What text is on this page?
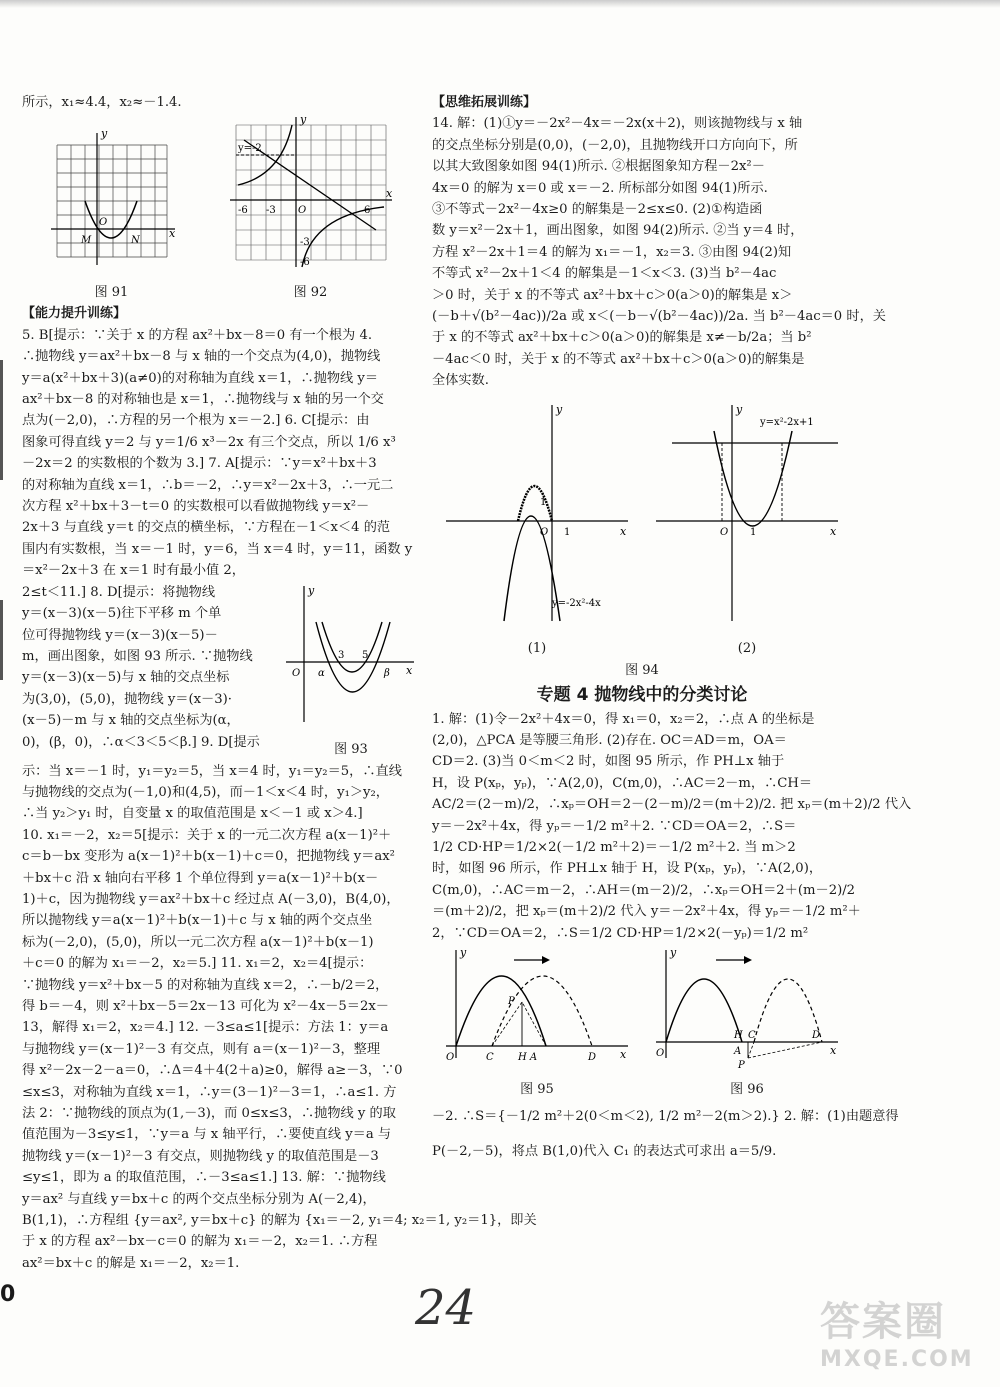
所示，x₁≈4.4，x₂≈－1.4.
y
x
O
M	N
图 91
y
x
y=-2
O
-6 -3	6
-3
-6
图 92
【能力提升训练】
5. B[提示：∵关于 x 的方程 ax²＋bx－8＝0 有一个根为 4.
∴抛物线 y＝ax²＋bx－8 与 x 轴的一个交点为(4,0)，抛物线
y＝a(x²＋bx＋3)(a≠0)的对称轴为直线 x＝1，∴抛物线 y＝
ax²＋bx－8 的对称轴也是 x＝1，∴抛物线与 x 轴的另一个交
点为(－2,0)，∴方程的另一个根为 x＝－2.] 6. C[提示：由
图象可得直线 y＝2 与 y＝1/6 x³－2x 有三个交点，所以 1/6 x³
－2x＝2 的实数根的个数为 3.] 7. A[提示：∵y＝x²＋bx＋3
的对称轴为直线 x＝1，∴b＝－2，∴y＝x²－2x＋3，∴一元二
次方程 x²＋bx＋3－t＝0 的实数根可以看做抛物线 y＝x²－
2x＋3 与直线 y＝t 的交点的横坐标，∵方程在－1＜x＜4 的范
围内有实数根，当 x＝－1 时，y＝6，当 x＝4 时，y＝11，函数 y
＝x²－2x＋3 在 x＝1 时有最小值 2，
2≤t＜11.] 8. D[提示：将抛物线
y＝(x－3)(x－5)往下平移 m 个单
位可得抛物线 y＝(x－3)(x－5)－
m，画出图象，如图 93 所示. ∵抛物线
y＝(x－3)(x－5)与 x 轴的交点坐标
为(3,0)，(5,0)，抛物线 y＝(x－3)·
(x－5)－m 与 x 轴的交点坐标为(α，
0)，(β，0)，∴α＜3＜5＜β.] 9. D[提示
y
x
O α
3 5
β
图 93
示：当 x＝－1 时，y₁＝y₂＝5，当 x＝4 时，y₁＝y₂＝5，∴直线
与抛物线的交点为(－1,0)和(4,5)，而－1＜x＜4 时，y₁＞y₂，
∴当 y₂＞y₁ 时，自变量 x 的取值范围是 x＜－1 或 x＞4.]
10. x₁＝－2，x₂＝5[提示：关于 x 的一元二次方程 a(x－1)²＋
c＝b－bx 变形为 a(x－1)²＋b(x－1)＋c＝0，把抛物线 y＝ax²
＋bx＋c 沿 x 轴向右平移 1 个单位得到 y＝a(x－1)²＋b(x－
1)＋c，因为抛物线 y＝ax²＋bx＋c 经过点 A(－3,0)，B(4,0)，
所以抛物线 y＝a(x－1)²＋b(x－1)＋c 与 x 轴的两个交点坐
标为(－2,0)，(5,0)，所以一元二次方程 a(x－1)²＋b(x－1)
＋c＝0 的解为 x₁＝－2，x₂＝5.] 11. x₁＝2，x₂＝4[提示：
∵抛物线 y＝x²＋bx－5 的对称轴为直线 x＝2，∴－b/2＝2，
得 b＝－4，则 x²＋bx－5＝2x－13 可化为 x²－4x－5＝2x－
13，解得 x₁＝2，x₂＝4.] 12. －3≤a≤1[提示：方法 1：y＝a
与抛物线 y＝(x－1)²－3 有交点，则有 a＝(x－1)²－3，整理
得 x²－2x－2－a＝0，∴Δ＝4＋4(2＋a)≥0，解得 a≥－3，∵0
≤x≤3，对称轴为直线 x＝1，∴y＝(3－1)²－3＝1，∴a≤1. 方
法 2：∵抛物线的顶点为(1,－3)，而 0≤x≤3，∴抛物线 y 的取
值范围为－3≤y≤1，∵y＝a 与 x 轴平行，∴要使直线 y＝a 与
抛物线 y＝(x－1)²－3 有交点，则抛物线 y 的取值范围是－3
≤y≤1，即为 a 的取值范围，∴－3≤a≤1.] 13. 解：∵抛物线
y＝ax² 与直线 y＝bx＋c 的两个交点坐标分别为 A(－2,4)，
B(1,1)，∴方程组 {y＝ax², y＝bx＋c} 的解为 {x₁＝－2, y₁＝4; x₂＝1, y₂＝1}，即关
于 x 的方程 ax²－bx－c＝0 的解为 x₁＝－2，x₂＝1. ∴方程
ax²＝bx＋c 的解是 x₁＝－2，x₂＝1.
【思维拓展训练】
14. 解：(1)①y＝－2x²－4x＝－2x(x＋2)，则该抛物线与 x 轴
的交点坐标分别是(0,0)，(－2,0)，且抛物线开口方向向下，所
以其大致图象如图 94(1)所示. ②根据图象知方程－2x²－
4x＝0 的解为 x＝0 或 x＝－2. 所标部分如图 94(1)所示.
③不等式－2x²－4x≥0 的解集是－2≤x≤0. (2)①构造函
数 y＝x²－2x＋1，画出图象，如图 94(2)所示. ②当 y＝4 时，
方程 x²－2x＋1＝4 的解为 x₁＝－1，x₂＝3. ③由图 94(2)知
不等式 x²－2x＋1＜4 的解集是－1＜x＜3. (3)当 b²－4ac
＞0 时，关于 x 的不等式 ax²＋bx＋c＞0(a＞0)的解集是 x＞
(－b＋√(b²－4ac))/2a 或 x＜(－b－√(b²－4ac))/2a. 当 b²－4ac＝0 时，关
于 x 的不等式 ax²＋bx＋c＞0(a＞0)的解集是 x≠－b/2a；当 b²
－4ac＜0 时，关于 x 的不等式 ax²＋bx＋c＞0(a＞0)的解集是
全体实数.
y
x
O 1
1
y=-2x²-4x
(1)
y
x
O 1
y=x²-2x+1
(2)
图 94
专题 4 抛物线中的分类讨论
1. 解：(1)令－2x²＋4x＝0，得 x₁＝0，x₂＝2，∴点 A 的坐标是
(2,0)，△PCA 是等腰三角形. (2)存在. OC＝AD＝m，OA＝
CD＝2. (3)当 0＜m＜2 时，如图 95 所示，作 PH⊥x 轴于
H，设 P(xₚ，yₚ)，∵A(2,0)，C(m,0)，∴AC＝2－m，∴CH＝
AC/2＝(2－m)/2，∴xₚ＝OH＝2－(2－m)/2＝(m＋2)/2. 把 xₚ＝(m＋2)/2 代入
y＝－2x²＋4x，得 yₚ＝－1/2 m²＋2. ∵CD＝OA＝2，∴S＝
1/2 CD·HP＝1/2×2(－1/2 m²＋2)＝－1/2 m²＋2. 当 m＞2
时，如图 96 所示，作 PH⊥x 轴于 H，设 P(xₚ，yₚ)，∵A(2,0)，
C(m,0)，∴AC＝m－2，∴AH＝(m－2)/2，∴xₚ＝OH＝2＋(m－2)/2
＝(m＋2)/2，把 xₚ＝(m＋2)/2 代入 y＝－2x²＋4x，得 yₚ＝－1/2 m²＋
2，∵CD＝OA＝2，∴S＝1/2 CD·HP＝1/2×2(－yₚ)＝1/2 m²
y
x
O	C H A	D
P
图 95
y
x
O
H C
A
P
D
图 96
－2. ∴S＝{－1/2 m²＋2(0＜m＜2), 1/2 m²－2(m＞2).} 2. 解：(1)由题意得
P(－2,－5)，将点 B(1,0)代入 C₁ 的表达式可求出 a＝5/9.
0	24	答案圈
MXQE.COM
